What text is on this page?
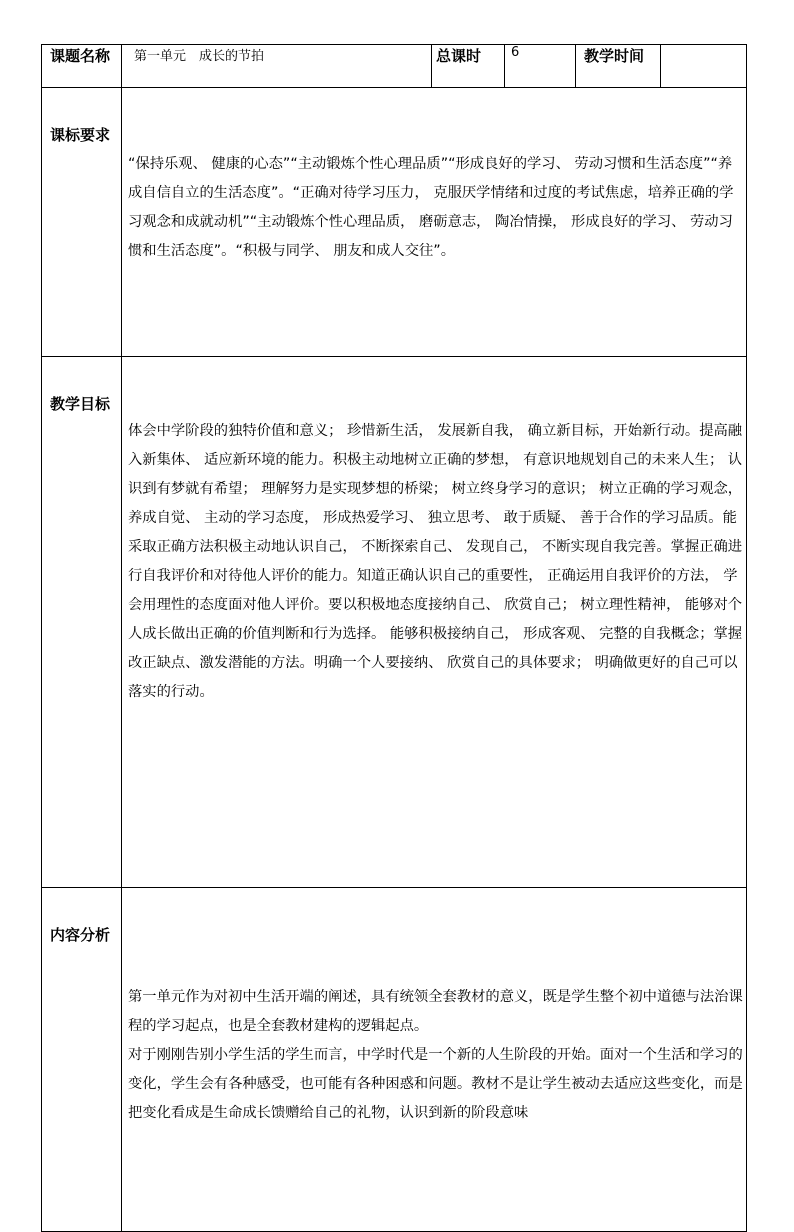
课题名称	第一单元　成长的节拍	总课时	6	教学时间	
课标要求	“保持乐观、 健康的心态”“主动锻炼个性心理品质”“形成良好的学习、 劳动习惯和生活态度”“养成自信自立的生活态度”。“正确对待学习压力， 克服厌学情绪和过度的考试焦虑，培养正确的学习观念和成就动机”“主动锻炼个性心理品质， 磨砺意志， 陶冶情操， 形成良好的学习、 劳动习惯和生活态度”。“积极与同学、 朋友和成人交往”。				

教学目标	体会中学阶段的独特价值和意义； 珍惜新生活， 发展新自我， 确立新目标，开始新行动。提高融入新集体、 适应新环境的能力。积极主动地树立正确的梦想， 有意识地规划自己的未来人生； 认识到有梦就有希望； 理解努力是实现梦想的桥梁； 树立终身学习的意识； 树立正确的学习观念， 养成自觉、 主动的学习态度， 形成热爱学习、 独立思考、 敢于质疑、 善于合作的学习品质。能采取正确方法积极主动地认识自己， 不断探索自己、 发现自己， 不断实现自我完善。掌握正确进行自我评价和对待他人评价的能力。知道正确认识自己的重要性， 正确运用自我评价的方法， 学会用理性的态度面对他人评价。要以积极地态度接纳自己、 欣赏自己； 树立理性精神， 能够对个人成长做出正确的价值判断和行为选择。 能够积极接纳自己， 形成客观、 完整的自我概念；掌握改正缺点、激发潜能的方法。明确一个人要接纳、 欣赏自己的具体要求； 明确做更好的自己可以落实的行动。				

内容分析	第一单元作为对初中生活开端的阐述，具有统领全套教材的意义，既是学生整个初中道德与法治课程的学习起点，也是全套教材建构的逻辑起点。

对于刚刚告别小学生活的学生而言，中学时代是一个新的人生阶段的开始。面对一个生活和学习的变化，学生会有各种感受，也可能有各种困惑和问题。教材不是让学生被动去适应这些变化，而是把变化看成是生命成长馈赠给自己的礼物，认识到新的阶段意味				
